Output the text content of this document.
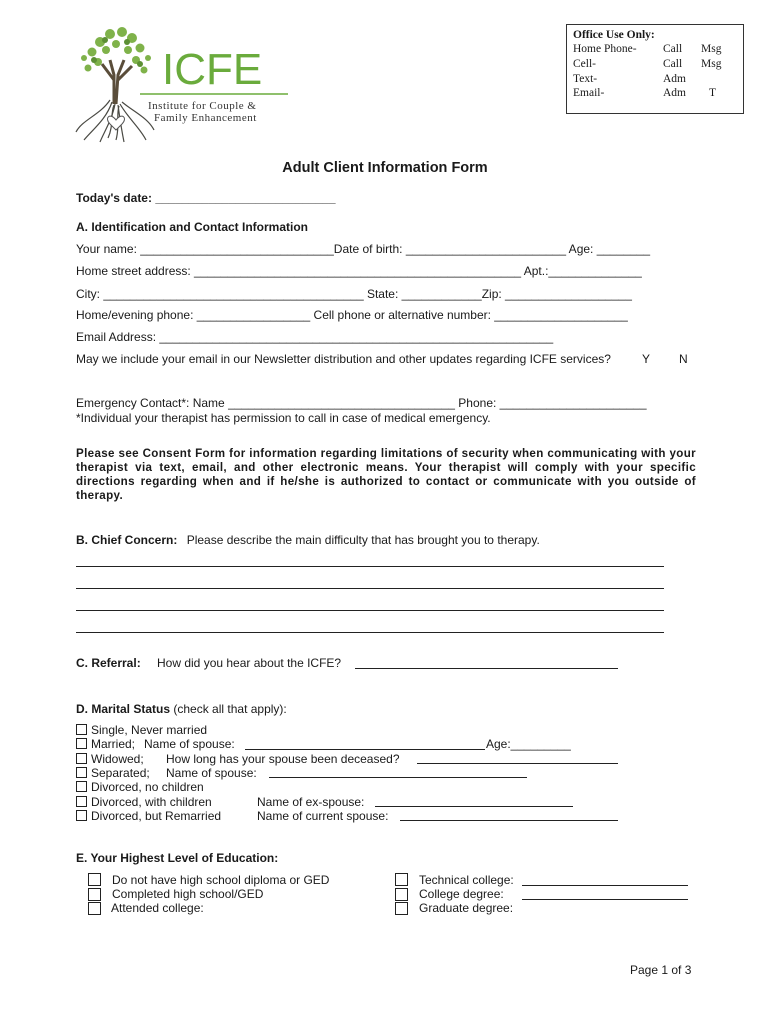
ICFE
Institute for Couple &
Family Enhancement
Office Use Only:
Home Phone- Call Msg
Cell-	Call Msg
Text-	Adm
Email-	Adm T
Adult Client Information Form
Today's date: ___________________________
A. Identification and Contact Information
Your name: _____________________________Date of birth: ________________________ Age: ________
Home street address: _________________________________________________ Apt.:______________
City: _______________________________________ State: ____________Zip: ___________________
Home/evening phone: _________________ Cell phone or alternative number: ____________________
Email Address: ___________________________________________________________
May we include your email in our Newsletter distribution and other updates regarding ICFE services?	Y N
Emergency Contact*: Name __________________________________ Phone: ______________________
*Individual your therapist has permission to call in case of medical emergency.
Please see Consent Form for information regarding limitations of security when communicating with your therapist via text, email, and other electronic means. Your therapist will comply with your specific directions regarding when and if he/she is authorized to contact or communicate with you outside of therapy.
B. Chief Concern: Please describe the main difficulty that has brought you to therapy.
C. Referral: How did you hear about the ICFE?
D. Marital Status (check all that apply):
Single, Never married
Married; Name of spouse:	Age:_________
Widowed; How long has your spouse been deceased?
Separated; Name of spouse:
Divorced, no children
Divorced, with children	Name of ex-spouse:
Divorced, but Remarried	Name of current spouse:
E. Your Highest Level of Education:
Do not have high school diploma or GED
Completed high school/GED
Attended college:
Technical college:
College degree:
Graduate degree:
Page 1 of 3
